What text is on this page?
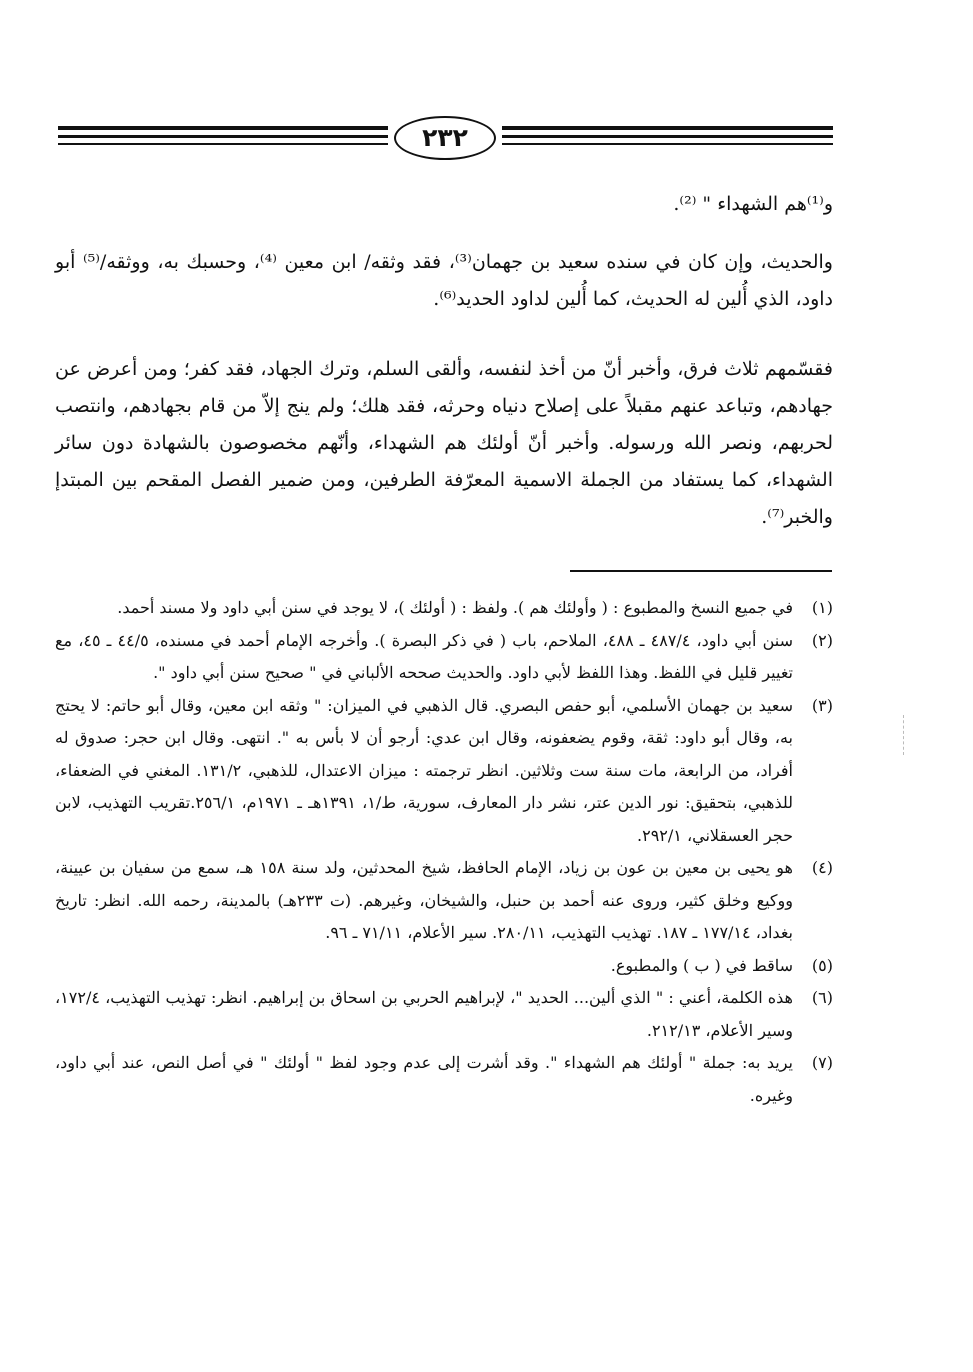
٢٣٢

و⁽¹⁾هم الشهداء " ⁽²⁾.

والحديث، وإن كان في سنده سعيد بن جهمان⁽³⁾، فقد وثقه/ ابن معين ⁽⁴⁾، وحسبك به، ووثقه/⁽⁵⁾ أبو داود، الذي أُلين له الحديث، كما أُلين لداود الحديد⁽⁶⁾.

فقسّمهم ثلاث فرق، وأخبر أنّ من أخذ لنفسه، وألقى السلم، وترك الجهاد، فقد كفر؛ ومن أعرض عن جهادهم، وتباعد عنهم مقبلاً على إصلاح دنياه وحرثه، فقد هلك؛ ولم ينج إلاّ من قام بجهادهم، وانتصب لحربهم، ونصر الله ورسوله. وأخبر أنّ أولئك هم الشهداء، وأنّهم مخصوصون بالشهادة دون سائر الشهداء، كما يستفاد من الجملة الاسمية المعرّفة الطرفين، ومن ضمير الفصل المقحم بين المبتدإ والخبر⁽⁷⁾.

(١)
في جميع النسخ والمطبوع : ( وأولئك هم ). ولفظ : ( أولئك )، لا يوجد في سنن أبي داود ولا مسند أحمد.
(٢)
سنن أبي داود، ٤٨٧/٤ ـ ٤٨٨، الملاحم، باب ( في ذكر البصرة ). وأخرجه الإمام أحمد في مسنده، ٤٤/٥ ـ ٤٥، مع تغيير قليل في اللفظ. وهذا اللفظ لأبي داود. والحديث صححه الألباني في " صحيح سنن أبي داود ".
(٣)
سعيد بن جهمان الأسلمي، أبو حفص البصري. قال الذهبي في الميزان: " وثقه ابن معين، وقال أبو حاتم: لا يحتج به، وقال أبو داود: ثقة، وقوم يضعفونه، وقال ابن عدي: أرجو أن لا بأس به ". انتهى. وقال ابن حجر: صدوق له أفراد، من الرابعة، مات سنة ست وثلاثين. انظر ترجمته : ميزان الاعتدال، للذهبي، ١٣١/٢. المغني في الضعفاء، للذهبي، بتحقيق: نور الدين عتر، نشر دار المعارف، سورية، ط/١، ١٣٩١هـ ـ ١٩٧١م، ٢٥٦/١.تقريب التهذيب، لابن حجر العسقلاني، ٢٩٢/١.
(٤)
هو يحيى بن معين بن عون بن زياد، الإمام الحافظ، شيخ المحدثين، ولد سنة ١٥٨ هـ، سمع من سفيان بن عيينة، ووكيع وخلق كثير، وروى عنه أحمد بن حنبل، والشيخان، وغيرهم. (ت ٢٣٣هـ) بالمدينة، رحمه الله. انظر: تاريخ بغداد، ١٧٧/١٤ ـ ١٨٧. تهذيب التهذيب، ٢٨٠/١١. سير الأعلام، ٧١/١١ ـ ٩٦.
(٥)
ساقط في ( ب ) والمطبوع.
(٦)
هذه الكلمة، أعني : " الذي ألين... الحديد "، لإبراهيم الحربي بن اسحاق بن إبراهيم. انظر: تهذيب التهذيب، ١٧٢/٤، وسير الأعلام، ٢١٢/١٣.
(٧)
يريد به: جملة " أولئك هم الشهداء ". وقد أشرت إلى عدم وجود لفظ " أولئك " في أصل النص، عند أبي داود، وغيره.
